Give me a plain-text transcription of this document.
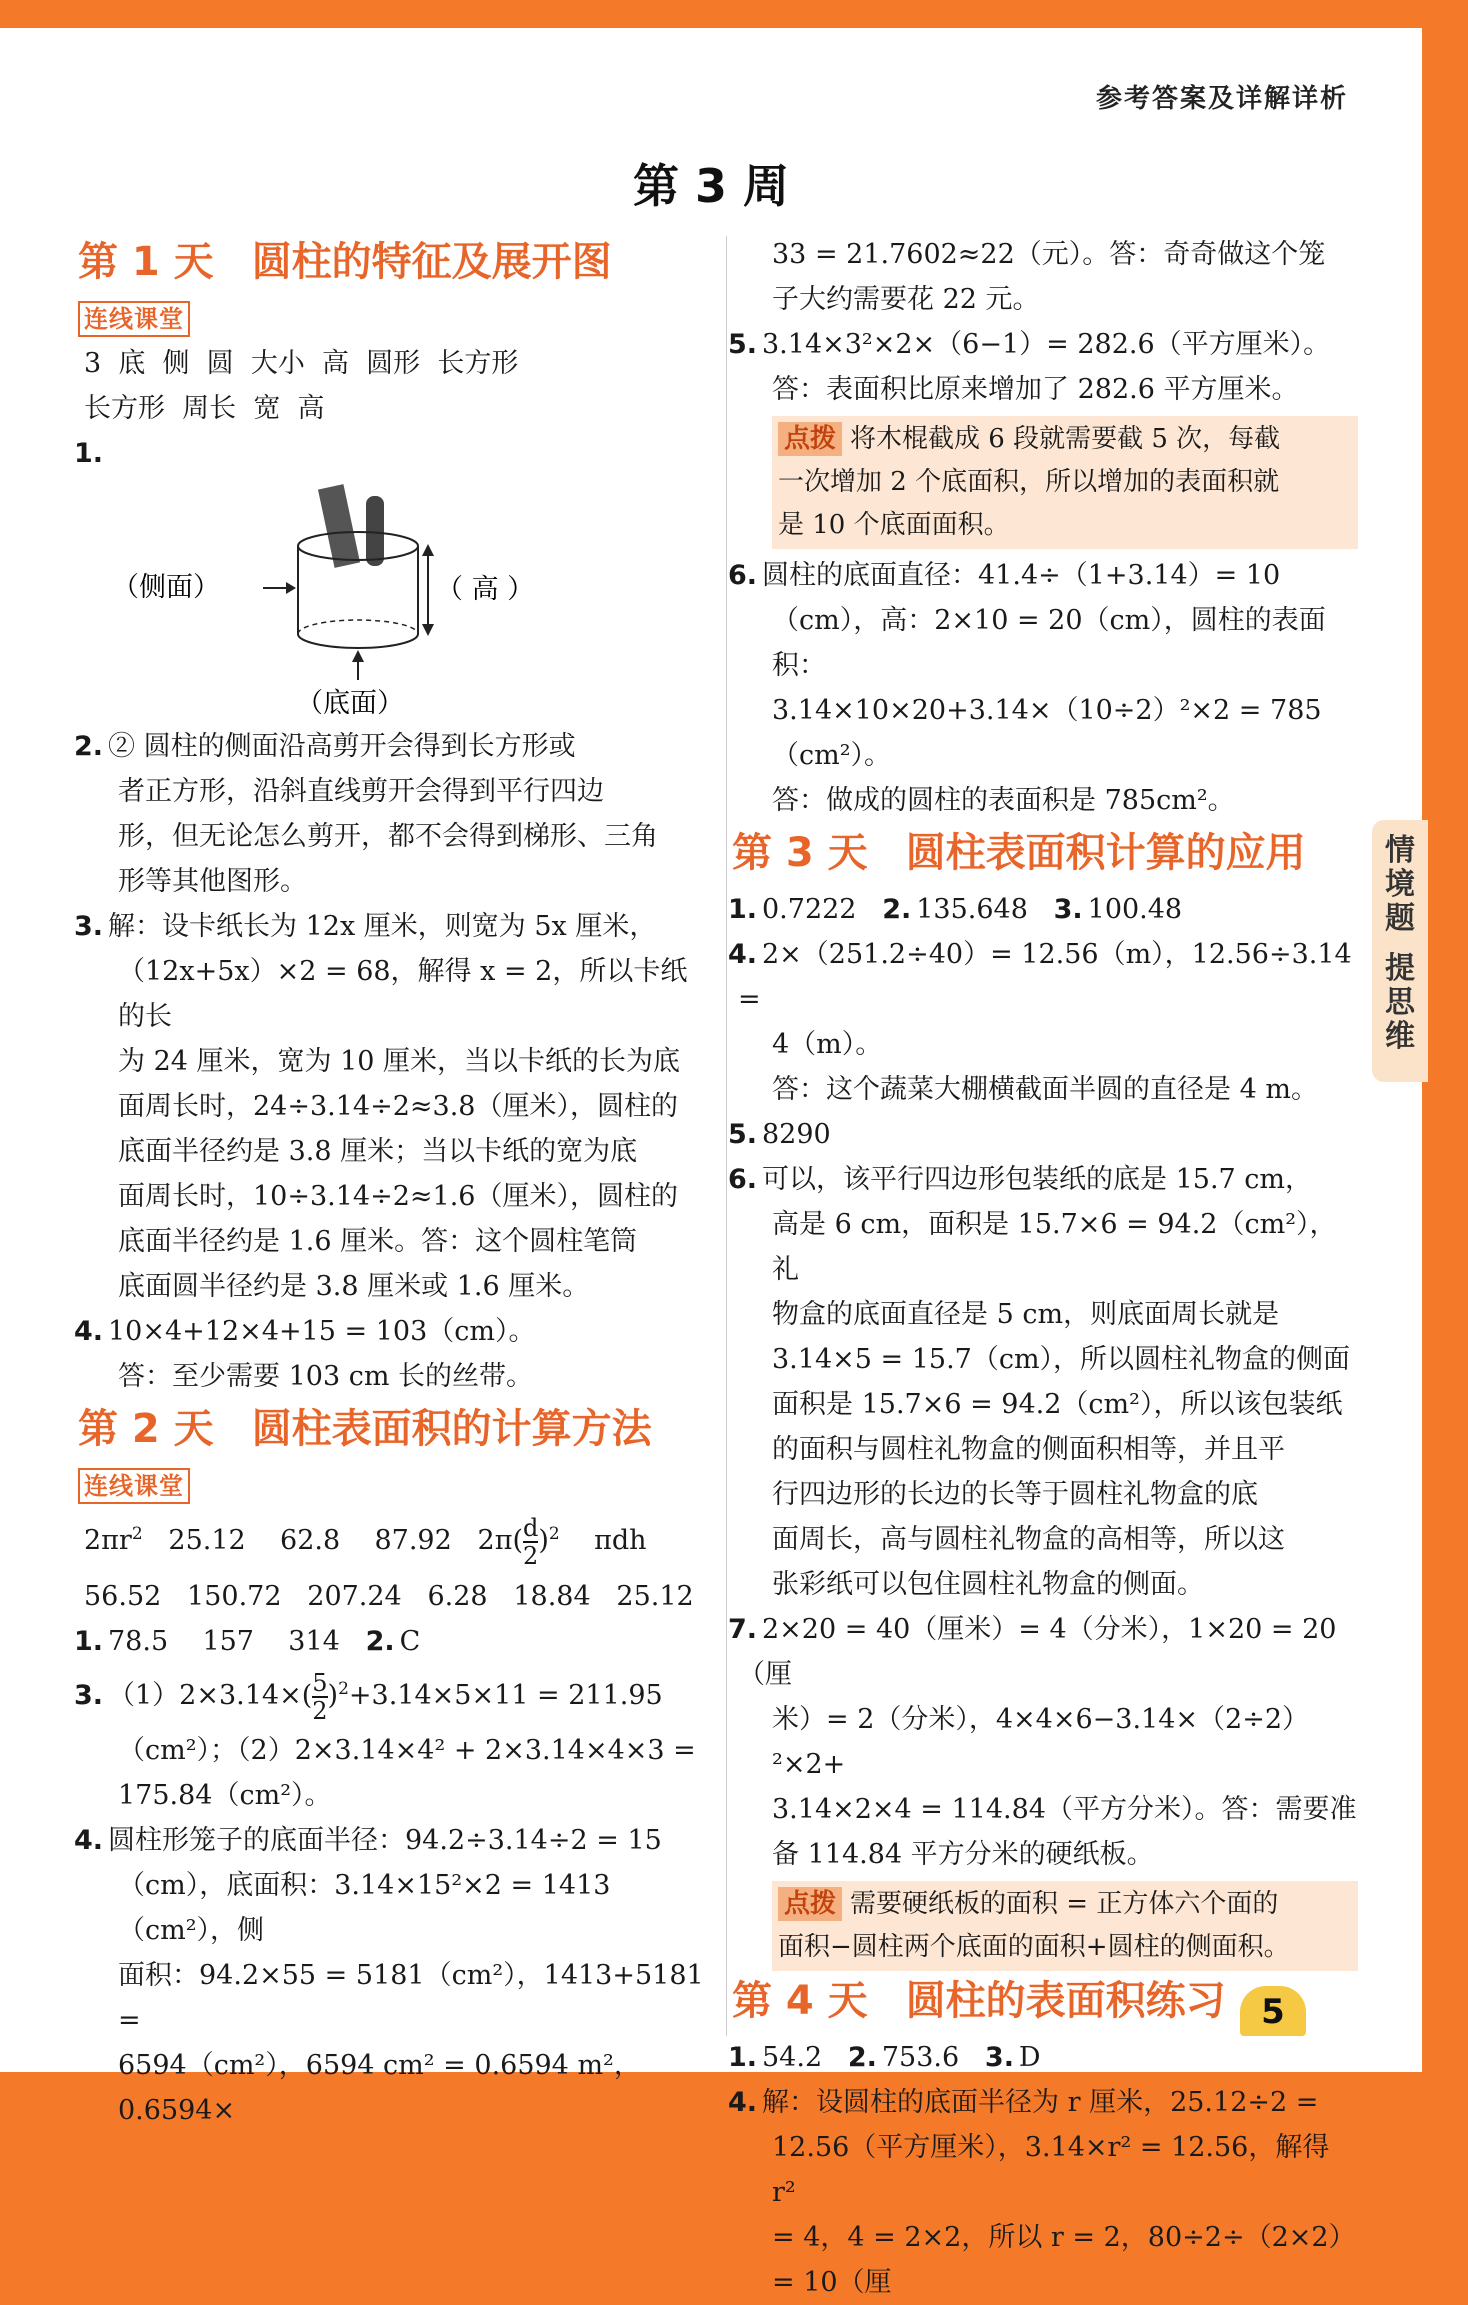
参考答案及详解详析
第 3 周
第 1 天 圆柱的特征及展开图
连线课堂

3  底  侧  圆  大小  高  圆形  长方形

长方形  周长  宽  高

1.

（侧面）	（ 高 ）
（底面）

2. ② 圆柱的侧面沿高剪开会得到长方形或

者正方形，沿斜直线剪开会得到平行四边

形，但无论怎么剪开，都不会得到梯形、三角

形等其他图形。

3. 解：设卡纸长为 12x 厘米，则宽为 5x 厘米，

（12x+5x）×2 = 68，解得 x = 2，所以卡纸的长

为 24 厘米，宽为 10 厘米，当以卡纸的长为底

面周长时，24÷3.14÷2≈3.8（厘米），圆柱的

底面半径约是 3.8 厘米；当以卡纸的宽为底

面周长时，10÷3.14÷2≈1.6（厘米），圆柱的

底面半径约是 1.6 厘米。答：这个圆柱笔筒

底面圆半径约是 3.8 厘米或 1.6 厘米。

4. 10×4+12×4+15 = 103（cm）。

答：至少需要 103 cm 长的丝带。

第 2 天 圆柱表面积的计算方法
连线课堂

$2\pi r^2$   25.12    62.8    87.92   $2\pi(\frac{d}{2} )^2$    πdh

56.52   150.72   207.24   6.28   18.84   25.12

1. 78.5    157    314 2. C

3. $(1)2\times 3.14\times(\frac{5}{2} )^2+3.14\times 5\times 11 = 211.95$

（cm²）；（2）2×3.14×4² + 2×3.14×4×3 =

175.84（cm²）。

4. 圆柱形笼子的底面半径：94.2÷3.14÷2 = 15

（cm），底面积：3.14×15²×2 = 1413（cm²），侧

面积：94.2×55 = 5181（cm²），1413+5181 =

6594（cm²），6594 cm² = 0.6594 m²，0.6594×

33 = 21.7602≈22（元）。答：奇奇做这个笼

子大约需要花 22 元。

5. 3.14×3²×2×（6−1）= 282.6（平方厘米）。

答：表面积比原来增加了 282.6 平方厘米。

点拨 将木棍截成 6 段就需要截 5 次，每截
一次增加 2 个底面积，所以增加的表面积就
是 10 个底面面积。

6. 圆柱的底面直径：41.4÷（1+3.14）= 10

（cm），高：2×10 = 20（cm），圆柱的表面积：

3.14×10×20+3.14×（10÷2）²×2 = 785（cm²）。

答：做成的圆柱的表面积是 785cm²。

第 3 天 圆柱表面积计算的应用

1. 0.7222 2. 135.648 3. 100.48

4. 2×（251.2÷40）= 12.56（m），12.56÷3.14 =

4（m）。

答：这个蔬菜大棚横截面半圆的直径是 4 m。

5. 8290

6. 可以，该平行四边形包装纸的底是 15.7 cm，

高是 6 cm，面积是 15.7×6 = 94.2（cm²），礼

物盒的底面直径是 5 cm，则底面周长就是

3.14×5 = 15.7（cm），所以圆柱礼物盒的侧面

面积是 15.7×6 = 94.2（cm²），所以该包装纸

的面积与圆柱礼物盒的侧面积相等，并且平

行四边形的长边的长等于圆柱礼物盒的底

面周长，高与圆柱礼物盒的高相等，所以这

张彩纸可以包住圆柱礼物盒的侧面。

7. 2×20 = 40（厘米）= 4（分米），1×20 = 20（厘

米）= 2（分米），4×4×6−3.14×（2÷2）²×2+

3.14×2×4 = 114.84（平方分米）。答：需要准

备 114.84 平方分米的硬纸板。

点拨 需要硬纸板的面积 = 正方体六个面的
面积−圆柱两个底面的面积+圆柱的侧面积。
第 4 天 圆柱的表面积练习

1. 54.2 2. 753.6 3. D

4. 解：设圆柱的底面半径为 r 厘米，25.12÷2 =

12.56（平方厘米），3.14×r² = 12.56，解得 r²

= 4，4 = 2×2，所以 r = 2，80÷2÷（2×2）= 10（厘

情
境
题
提
思
维
5
